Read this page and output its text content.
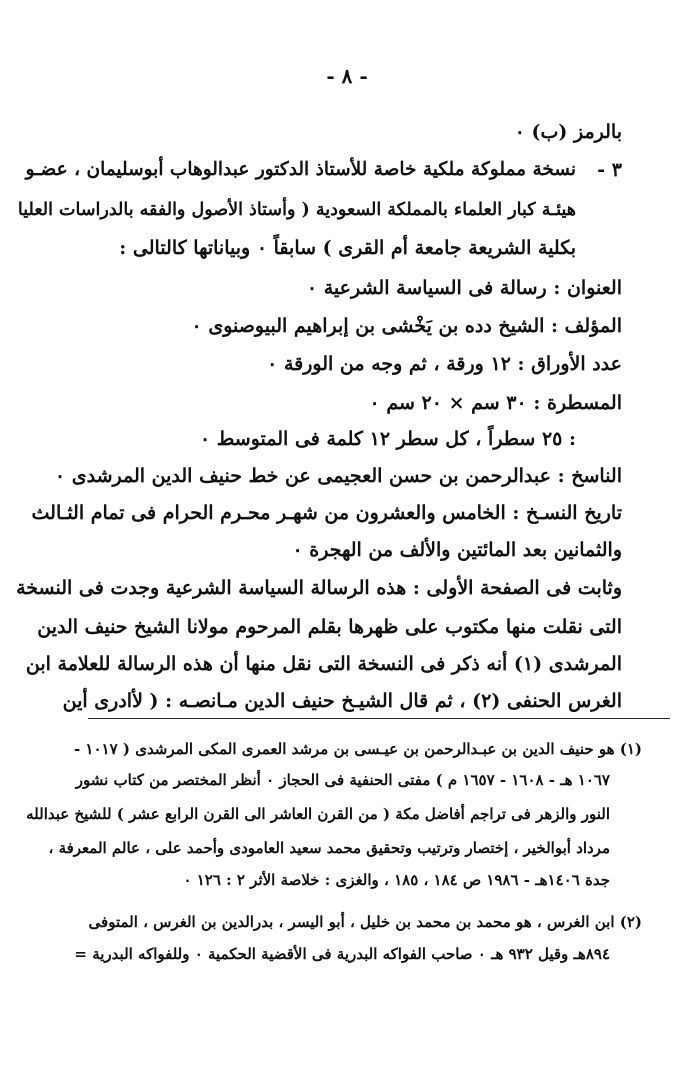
- ٨ -
بالرمز (ب) ٠
٣ -
نسخة مملوكة ملكية خاصة للأستاذ الدكتور عبدالوهاب أبوسليمان ، عضـو
هيئـة كبار العلماء بالمملكة السعودية ( وأستاذ الأصول والفقه بالدراسات العليا
بكلية الشريعة جامعة أم القرى ) سابقاً ٠ وبياناتها كالتالى :
العنوان : رسالة فى السياسة الشرعية ٠
المؤلف : الشيخ دده بن يَخْشى بن إبراهيم البيوصنوى ٠
عدد الأوراق : ١٢ ورقة ، ثم وجه من الورقة ٠
المسطرة : ٣٠ سم × ٢٠ سم ٠
: ٢٥ سطراً ، كل سطر ١٢ كلمة فى المتوسط ٠
الناسخ : عبدالرحمن بن حسن العجيمى عن خط حنيف الدين المرشدى ٠
تاريخ النسـخ : الخامس والعشرون من شهـر محـرم الحرام فى تمام الثـالث
والثمانين بعد المائتين والألف من الهجرة ٠
وثابت فى الصفحة الأولى : هذه الرسالة السياسة الشرعية وجدت فى النسخة
التى نقلت منها مكتوب على ظهرها بقلم المرحوم مولانا الشيخ حنيف الدين
المرشدى (١) أنه ذكر فى النسخة التى نقل منها أن هذه الرسالة للعلامة ابن
الغرس الحنفى (٢) ، ثم قال الشيـخ حنيف الدين مـانصـه : ( لأادرى أين
(١) هو حنيف الدين بن عبـدالرحمن بن عيـسى بن مرشد العمرى المكى المرشدى ( ١٠١٧ -
١٠٦٧ هـ - ١٦٠٨ - ١٦٥٧ م ) مفتى الحنفية فى الحجاز ٠ أنظر المختصر من كتاب نشور
النور والزهر فى تراجم أفاضل مكة ( من القرن العاشر الى القرن الرابع عشر ) للشيخ عبدالله
مرداد أبوالخير ، إختصار وترتيب وتحقيق محمد سعيد العامودى وأحمد على ، عالم المعرفة ،
جدة ١٤٠٦هـ - ١٩٨٦ ص ١٨٤ ، ١٨٥ ، والغزى : خلاصة الأثر ٢ : ١٢٦ ٠
(٢) ابن الغرس ، هو محمد بن محمد بن خليل ، أبو اليسر ، بدرالدين بن الغرس ، المتوفى
٨٩٤هـ وقيل ٩٣٢ هـ ٠ صاحب الفواكه البدرية فى الأقضية الحكمية ٠ وللفواكه البدرية =
